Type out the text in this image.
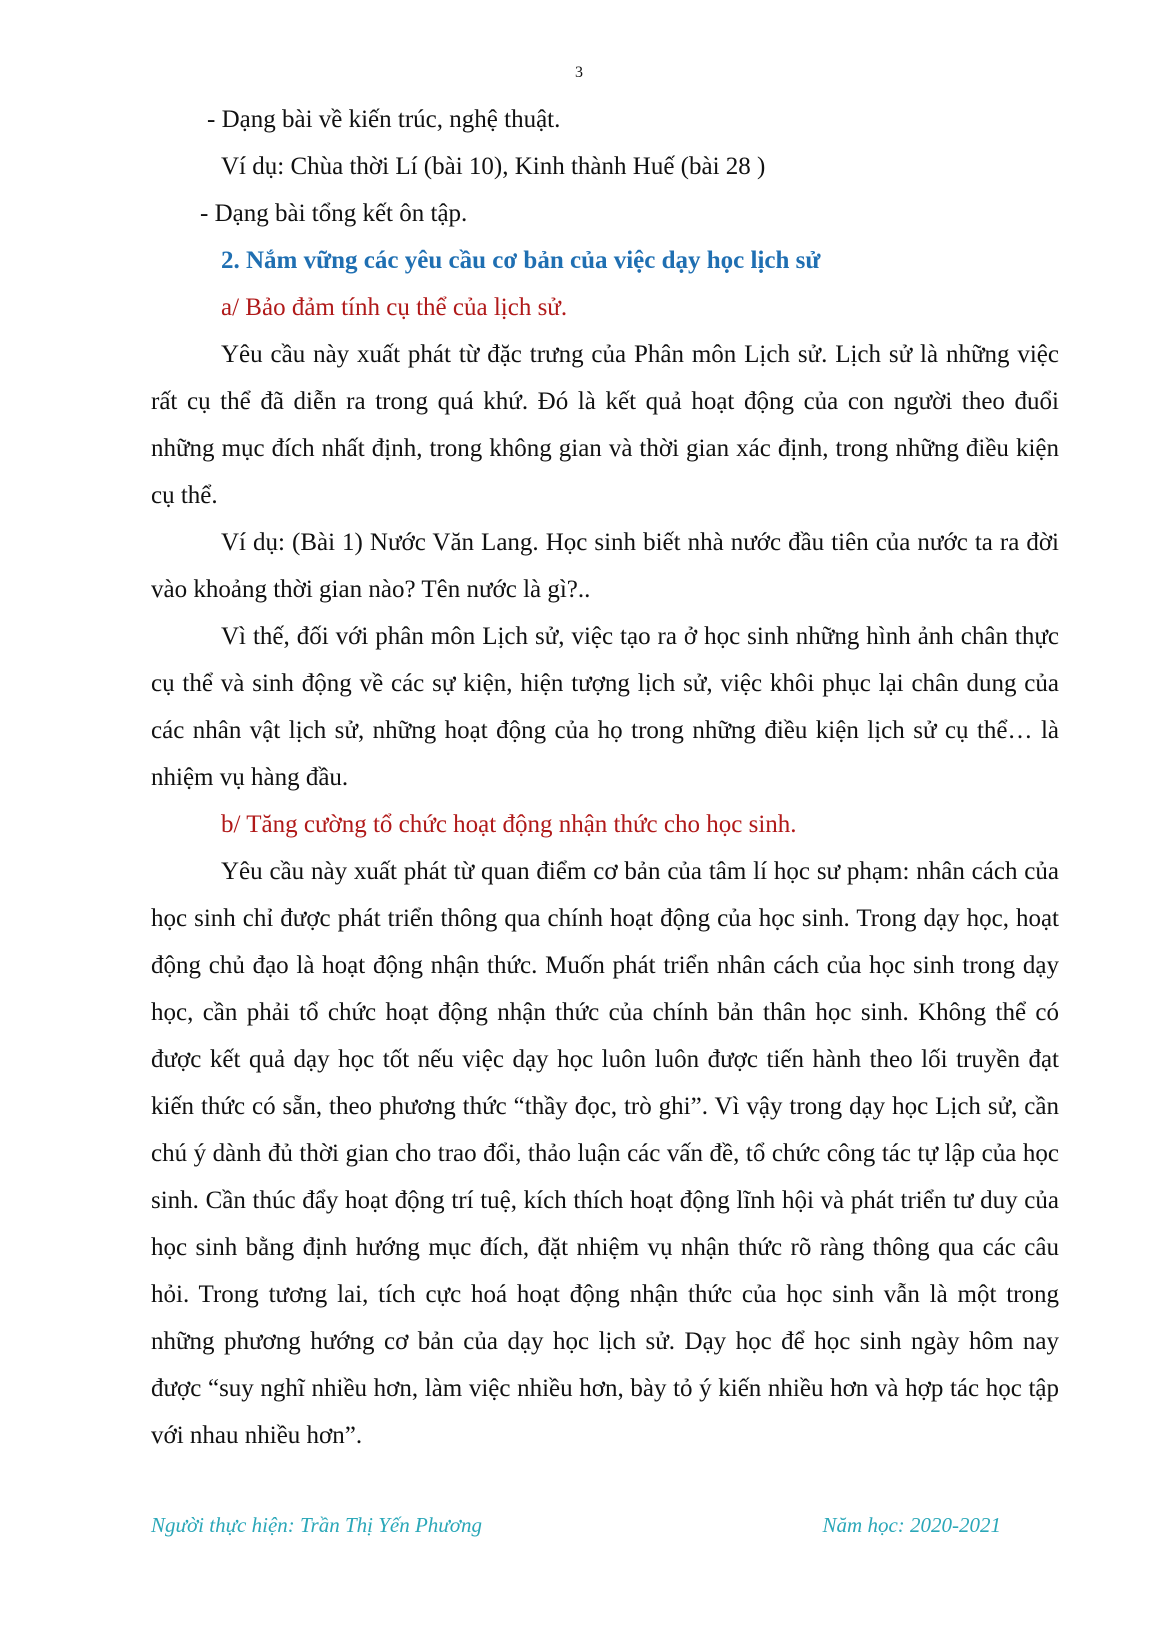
3

- Dạng bài về kiến trúc, nghệ thuật.

Ví dụ: Chùa thời Lí (bài 10), Kinh thành Huế (bài 28 )

- Dạng bài tổng kết ôn tập.

2. Nắm vững các yêu cầu cơ bản của việc dạy học lịch sử

a/ Bảo đảm tính cụ thể của lịch sử.

Yêu cầu này xuất phát từ đặc trưng của Phân môn Lịch sử. Lịch sử là những việc rất cụ thể đã diễn ra trong quá khứ. Đó là kết quả hoạt động của con người theo đuổi những mục đích nhất định, trong không gian và thời gian xác định, trong những điều kiện cụ thể.

Ví dụ: (Bài 1) Nước Văn Lang. Học sinh biết nhà nước đầu tiên của nước ta ra đời vào khoảng thời gian nào? Tên nước là gì?..

Vì thế, đối với phân môn Lịch sử, việc tạo ra ở học sinh những hình ảnh chân thực cụ thể và sinh động về các sự kiện, hiện tượng lịch sử, việc khôi phục lại chân dung của các nhân vật lịch sử, những hoạt động của họ trong những điều kiện lịch sử cụ thể… là nhiệm vụ hàng đầu.

b/ Tăng cường tổ chức hoạt động nhận thức cho học sinh.

Yêu cầu này xuất phát từ quan điểm cơ bản của tâm lí học sư phạm: nhân cách của học sinh chỉ được phát triển thông qua chính hoạt động của học sinh. Trong dạy học, hoạt động chủ đạo là hoạt động nhận thức. Muốn phát triển nhân cách của học sinh trong dạy học, cần phải tổ chức hoạt động nhận thức của chính bản thân học sinh. Không thể có được kết quả dạy học tốt nếu việc dạy học luôn luôn được tiến hành theo lối truyền đạt kiến thức có sẵn, theo phương thức “thầy đọc, trò ghi”. Vì vậy trong dạy học Lịch sử, cần chú ý dành đủ thời gian cho trao đổi, thảo luận các vấn đề, tổ chức công tác tự lập của học sinh. Cần thúc đẩy hoạt động trí tuệ, kích thích hoạt động lĩnh hội và phát triển tư duy của học sinh bằng định hướng mục đích, đặt nhiệm vụ nhận thức rõ ràng thông qua các câu hỏi. Trong tương lai, tích cực hoá hoạt động nhận thức của học sinh vẫn là một trong những phương hướng cơ bản của dạy học lịch sử. Dạy học để học sinh ngày hôm nay được “suy nghĩ nhiều hơn, làm việc nhiều hơn, bày tỏ ý kiến nhiều hơn và hợp tác học tập với nhau nhiều hơn”.

Người thực hiện: Trần Thị Yến Phương	Năm học: 2020-2021
